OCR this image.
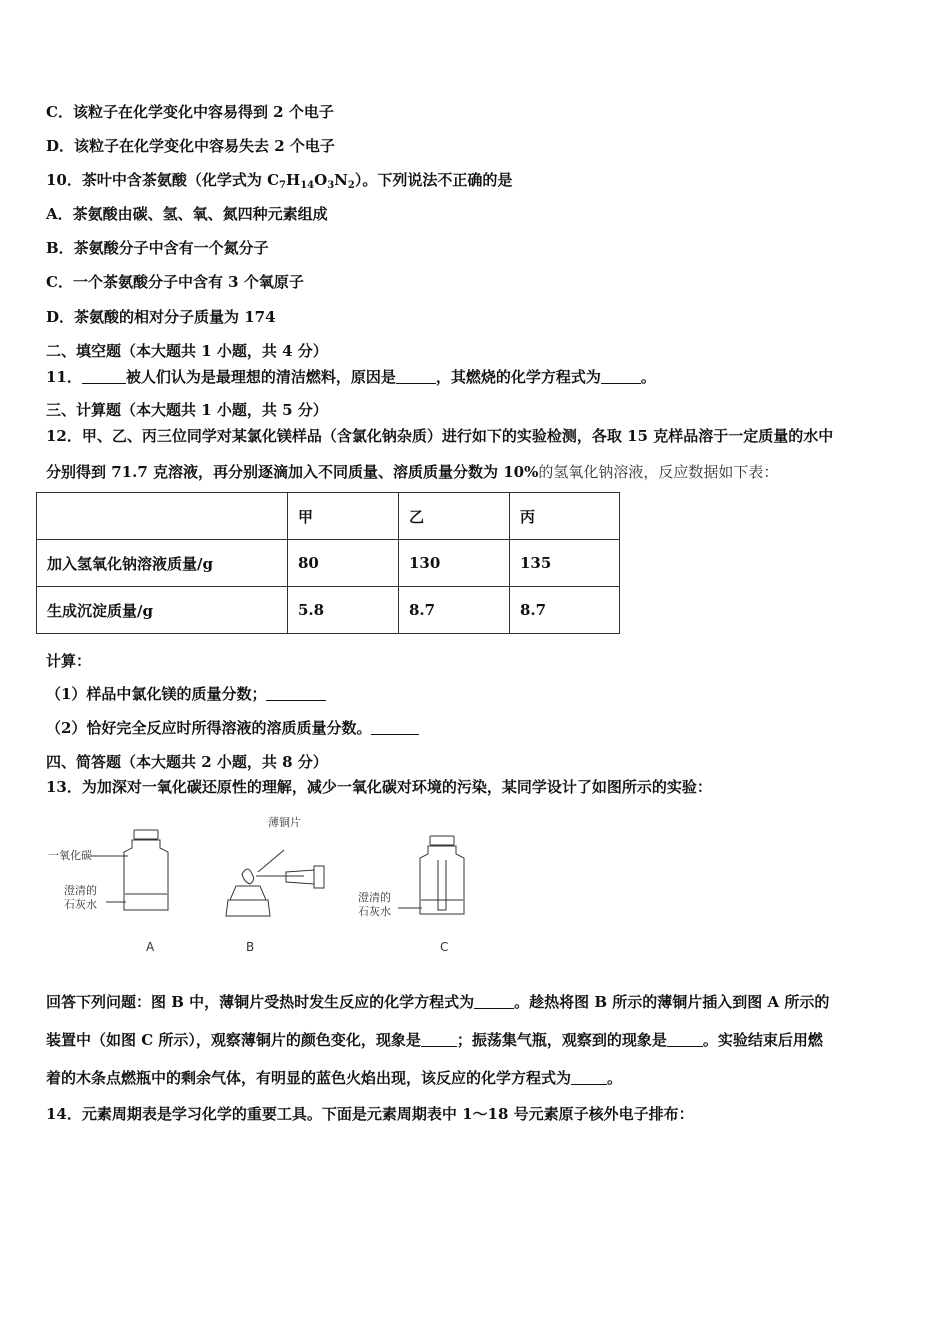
C．该粒子在化学变化中容易得到 2 个电子
D．该粒子在化学变化中容易失去 2 个电子
10．茶叶中含茶氨酸（化学式为 $C_7H_{14}O_3N_2$）。下列说法不正确的是
A．茶氨酸由碳、氢、氧、氮四种元素组成
B．茶氨酸分子中含有一个氮分子
C．一个茶氨酸分子中含有 3 个氧原子
D．茶氨酸的相对分子质量为 174
二、填空题（本大题共 1 小题，共 4 分）
11．	被人们认为是最理想的清洁燃料，原因是	，其燃烧的化学方程式为	。
三、计算题（本大题共 1 小题，共 5 分）
12．甲、乙、丙三位同学对某氯化镁样品（含氯化钠杂质）进行如下的实验检测，各取 15 克样品溶于一定质量的水中
分别得到 71.7 克溶液，再分别逐滴加入不同质量、溶质质量分数为 10%的氢氧化钠溶液，反应数据如下表：
	甲	乙	丙
加入氢氧化钠溶液质量/g	80	130	135
生成沉淀质量/g	5.8	8.7	8.7
计算：
（1）样品中氯化镁的质量分数；
（2）恰好完全反应时所得溶液的溶质质量分数。
四、简答题（本大题共 2 小题，共 8 分）
13．为加深对一氧化碳还原性的理解，减少一氧化碳对环境的污染，某同学设计了如图所示的实验：
一氧化碳
澄清的
石灰水
A
薄铜片
B
澄清的
石灰水
C
回答下列问题：图 B 中，薄铜片受热时发生反应的化学方程式为	。趁热将图 B 所示的薄铜片插入到图 A 所示的
装置中（如图 C 所示），观察薄铜片的颜色变化，现象是 ；振荡集气瓶，观察到的现象是 。实验结束后用燃
着的木条点燃瓶中的剩余气体，有明显的蓝色火焰出现，该反应的化学方程式为 。
14．元素周期表是学习化学的重要工具。下面是元素周期表中 1～18 号元素原子核外电子排布：
